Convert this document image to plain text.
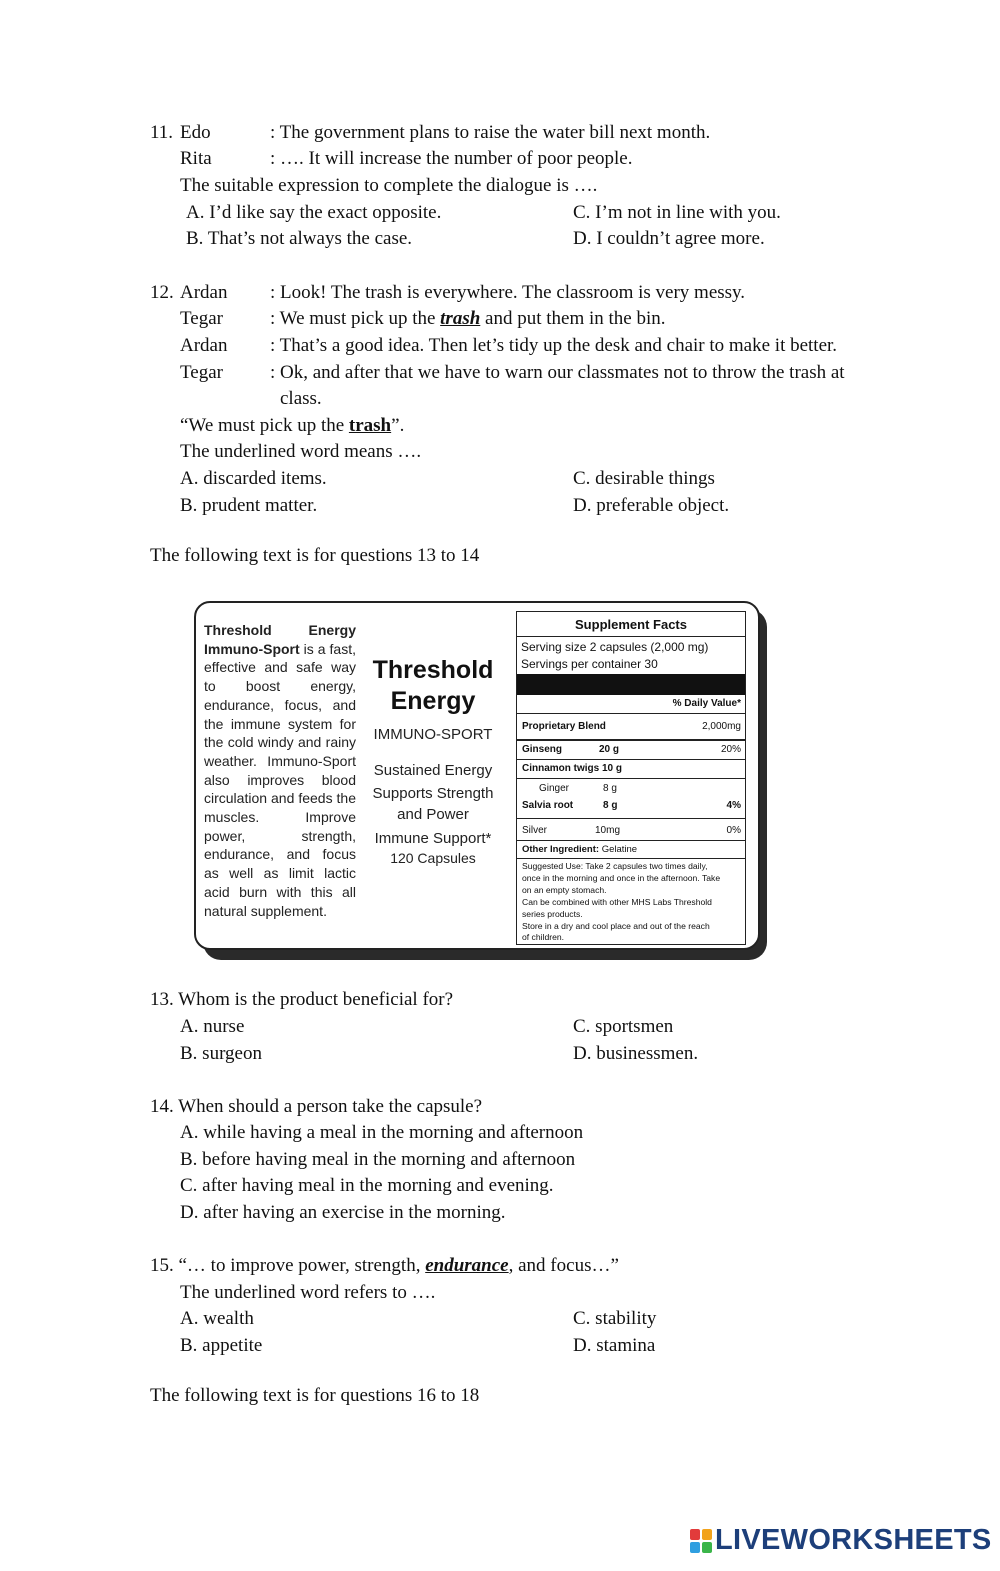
11. Edo	: The government plans to raise the water bill next month.
Rita	: …. It will increase the number of poor people.
The suitable expression to complete the dialogue is ….
A. I’d like say the exact opposite.	C. I’m not in line with you.
B. That’s not always the case.	D. I couldn’t agree more.
12. Ardan : Look! The trash is everywhere. The classroom is very messy.
Tegar : We must pick up the trash and put them in the bin.
Ardan : That’s a good idea. Then let’s tidy up the desk and chair to make it better.
Tegar : Ok, and after that we have to warn our classmates not to throw the trash at
class.
“We must pick up the trash”.
The underlined word means ….
A. discarded items.	C. desirable things
B. prudent matter.	D. preferable object.
The following text is for questions 13 to 14
Threshold Energy Immuno-Sport is a fast, effective and safe way to boost energy, endurance, focus, and the immune system for the cold windy and rainy weather. Immuno-Sport also improves blood circulation and feeds the muscles. Improve power, strength, endurance, and focus as well as limit lactic acid burn with this all natural supplement.
Threshold
Energy
IMMUNO-SPORT
Sustained Energy
Supports Strength
and Power
Immune Support*
120 Capsules
Supplement Facts
Serving size 2 capsules (2,000 mg)
Servings per container 30
% Daily Value*
Proprietary Blend	2,000mg
Ginseng	20 g	20%
Cinnamon twigs 10 g
Ginger	8 g
Salvia root	8 g	4%
Silver	10mg	0%
Other Ingredient: Gelatine
Suggested Use: Take 2 capsules two times daily,
once in the morning and once in the afternoon. Take
on an empty stomach.
Can be combined with other MHS Labs Threshold
series products.
Store in a dry and cool place and out of the reach
of children.
13. Whom is the product beneficial for?
A. nurse	C. sportsmen
B. surgeon	D. businessmen.
14. When should a person take the capsule?
A. while having a meal in the morning and afternoon
B. before having meal in the morning and afternoon
C. after having meal in the morning and evening.
D. after having an exercise in the morning.
15. “… to improve power, strength, endurance, and focus…”
The underlined word refers to ….
A. wealth	C. stability
B. appetite	D. stamina
The following text is for questions 16 to 18
LIVEWORKSHEETS
